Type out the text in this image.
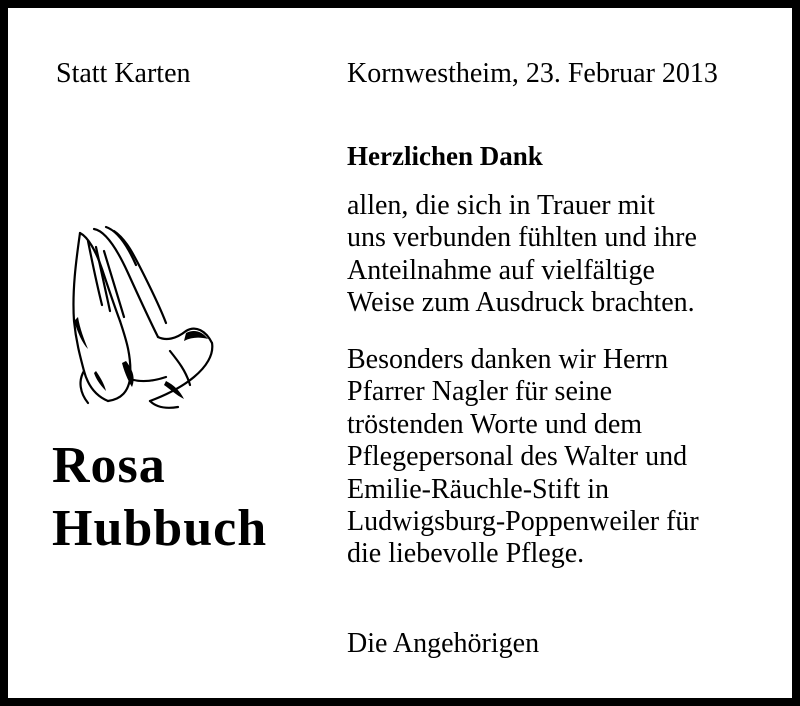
Statt Karten	Kornwestheim, 23. Februar 2013
Rosa
Hubbuch
Herzlichen Dank
allen, die sich in Trauer mit
uns verbunden fühlten und ihre
Anteilnahme auf vielfältige
Weise zum Ausdruck brachten.
Besonders danken wir Herrn
Pfarrer Nagler für seine
tröstenden Worte und dem
Pflegepersonal des Walter und
Emilie-Räuchle-Stift in
Ludwigsburg-Poppenweiler für
die liebevolle Pflege.
Die Angehörigen
